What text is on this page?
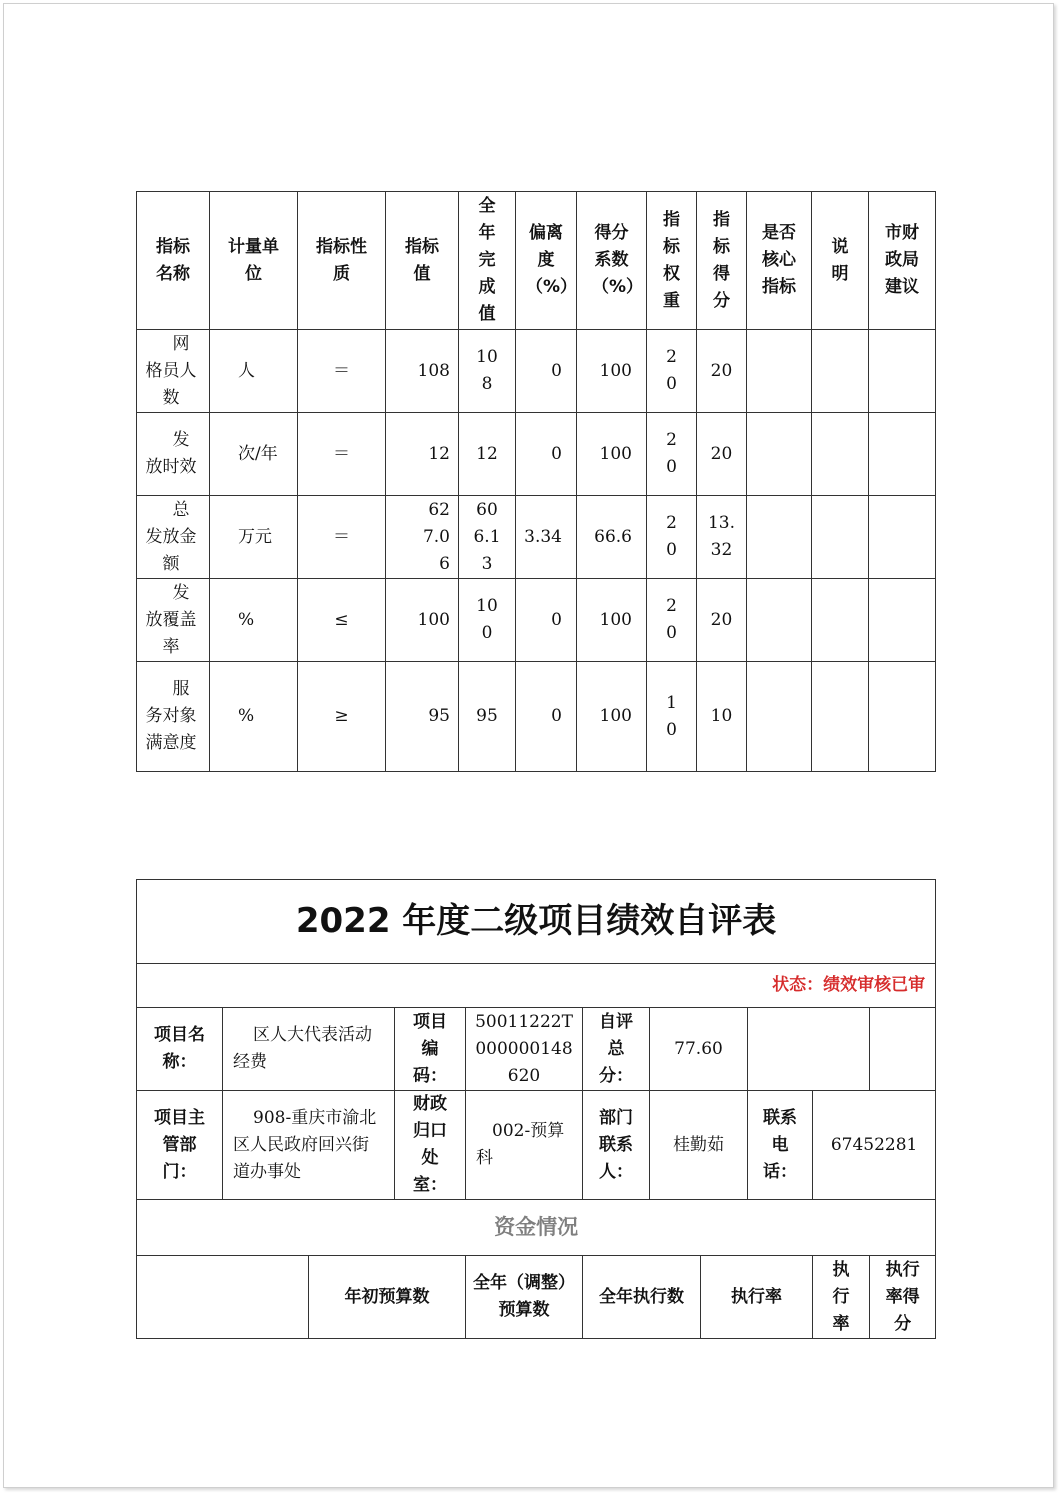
指标名称	计量单位	指标性质	指标值	全年完成值	偏离度（%）	得分系数（%）	指标权重	指标得分	是否核心指标	说明	市财政局建议

网格员人数	人	＝	108	108	0	100	20	20			

发放时效	次/年	＝	12	12	0	100	20	20			

总发放金额	万元	＝	627.06	606.13	3.34	66.6	20	13.32			

发放覆盖率	%	≤	100	100	0	100	20	20			

服务对象满意度	%	≥	95	95	0	100	10	10			

2022 年度二级项目绩效自评表										
状态：绩效审核已审										

项目名称：	区人大代表活动经费		项目编码：	50011222T000000148620	自评总分：	77.60				

项目主管部门：	908-重庆市渝北区人民政府回兴街道办事处		财政归口处室：	002-预算科	部门联系人：	桂勤茹		联系电话：	67452281	

资金情况										

		年初预算数		全年（调整）预算数	全年执行数		执行率		执行率	执行率得分
